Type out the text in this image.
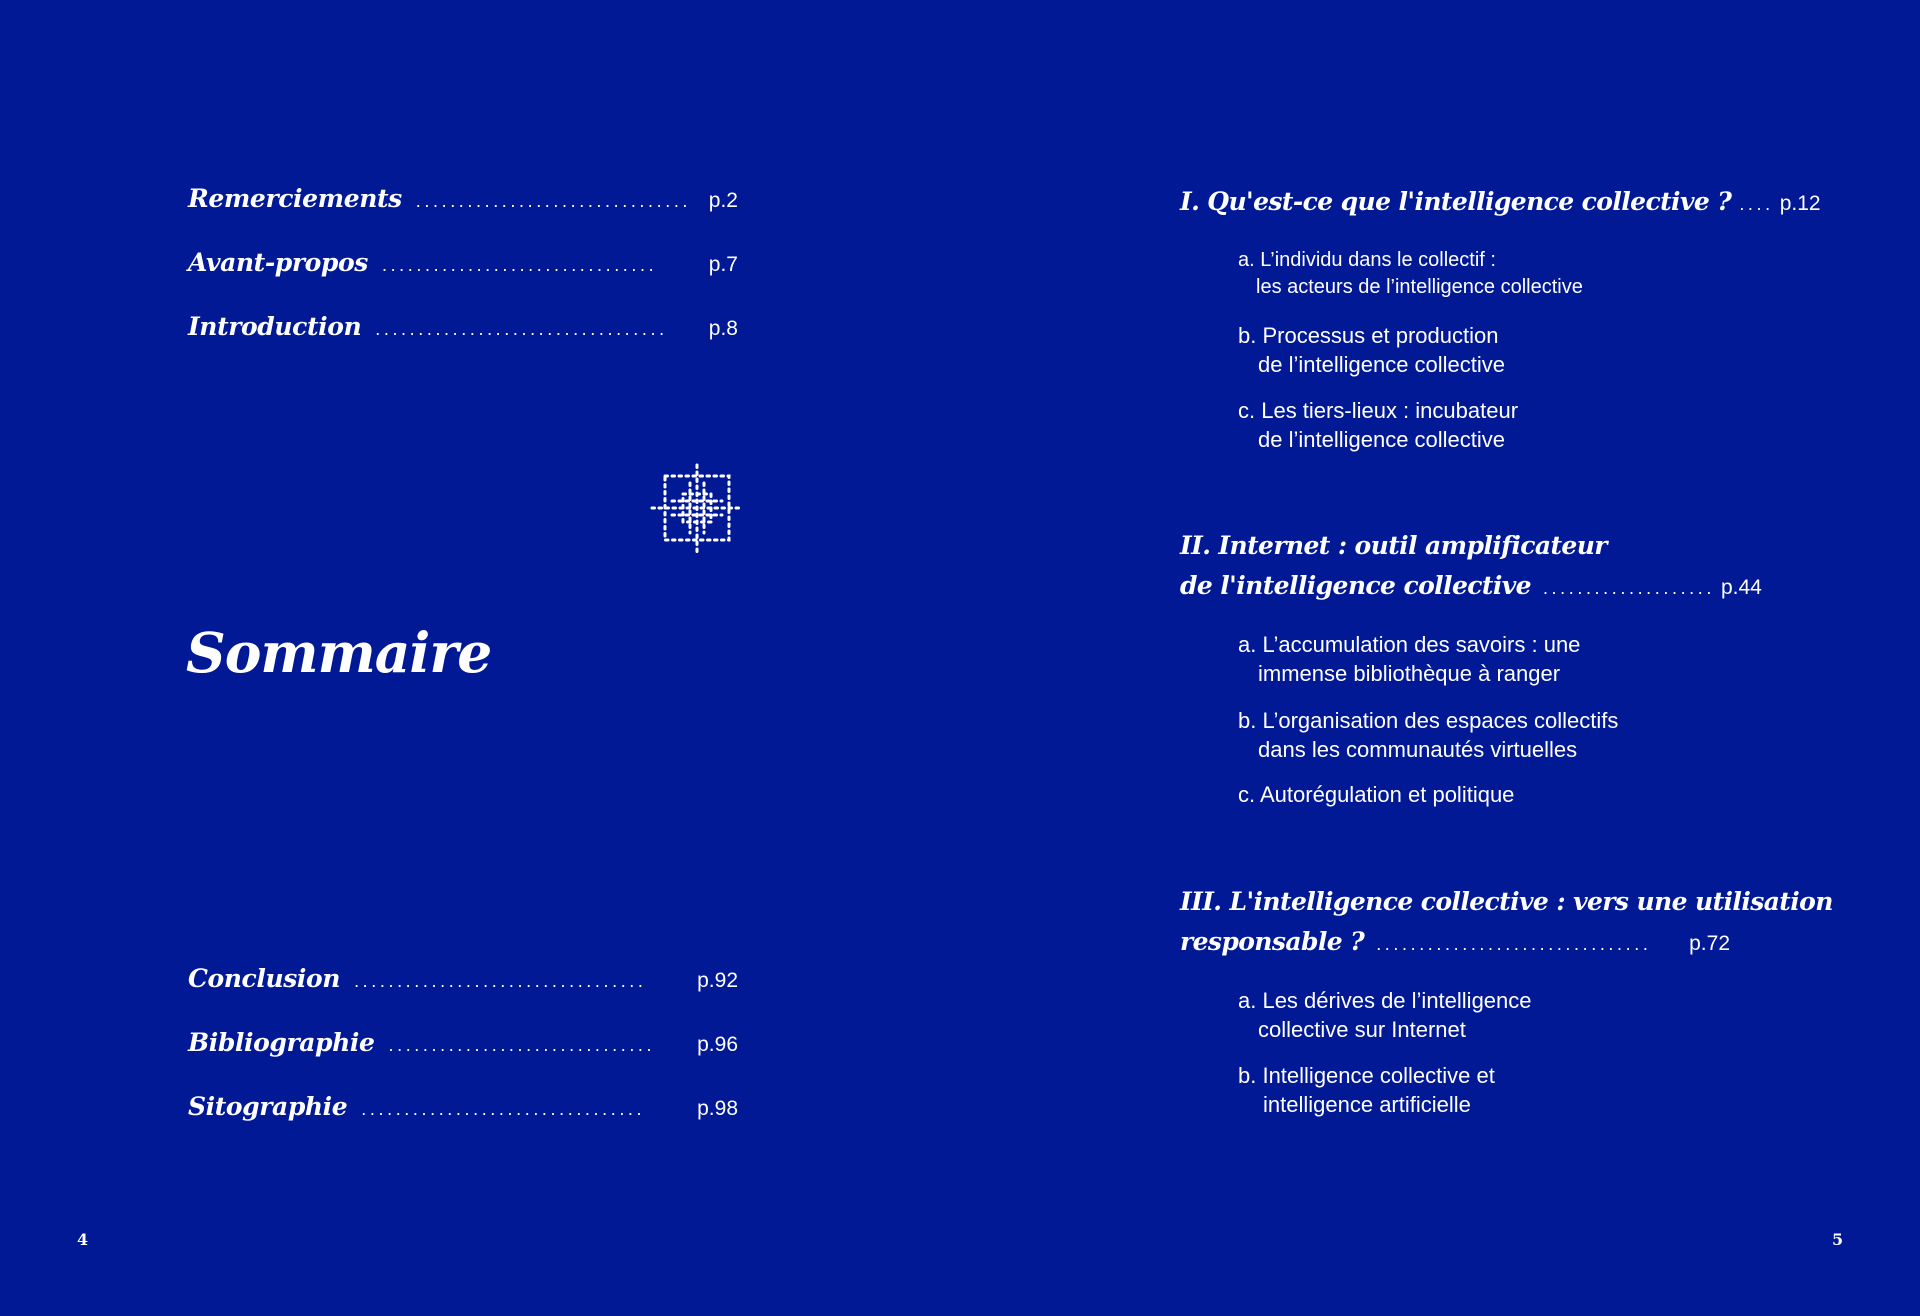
Remerciements ................................ p.2
Avant-propos ................................	p.7
Introduction ..................................	p.8
Sommaire
Conclusion ..................................	p.92
Bibliographie ...............................	p.96
Sitographie .................................	p.98
4
I. Qu'est-ce que l'intelligence collective ? .... p.12
a. L’individu dans le collectif :
les acteurs de l’intelligence collective
b. Processus et production
de l’intelligence collective
c. Les tiers-lieux : incubateur
de l’intelligence collective
II. Internet : outil amplificateur
de l'intelligence collective .................... p.44
a. L’accumulation des savoirs : une
immense bibliothèque à ranger
b. L’organisation des espaces collectifs
dans les communautés virtuelles
c. Autorégulation et politique
III. L'intelligence collective : vers une utilisation
responsable ? ................................	p.72
a. Les dérives de l’intelligence
collective sur Internet
b. Intelligence collective et
intelligence artificielle
5
